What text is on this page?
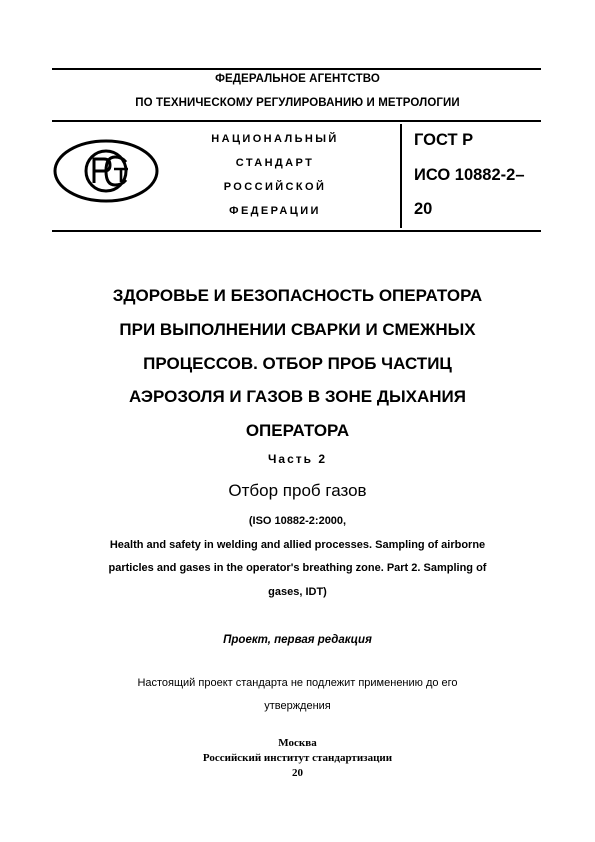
ФЕДЕРАЛЬНОЕ АГЕНТСТВО
ПО ТЕХНИЧЕСКОМУ РЕГУЛИРОВАНИЮ И МЕТРОЛОГИИ
НАЦИОНАЛЬНЫЙ
СТАНДАРТ
РОССИЙСКОЙ
ФЕДЕРАЦИИ
ГОСТ Р
ИСО 10882-2–
20
ЗДОРОВЬЕ И БЕЗОПАСНОСТЬ ОПЕРАТОРА
ПРИ ВЫПОЛНЕНИИ СВАРКИ И СМЕЖНЫХ
ПРОЦЕССОВ. ОТБОР ПРОБ ЧАСТИЦ
АЭРОЗОЛЯ И ГАЗОВ В ЗОНЕ ДЫХАНИЯ
ОПЕРАТОРА
Часть 2
Отбор проб газов
(ISO 10882-2:2000,
Health and safety in welding and allied processes. Sampling of airborne
particles and gases in the operator's breathing zone. Part 2. Sampling of
gases, IDT)
Проект, первая редакция
Настоящий проект стандарта не подлежит применению до его
утверждения
Москва
Российский институт стандартизации
20
